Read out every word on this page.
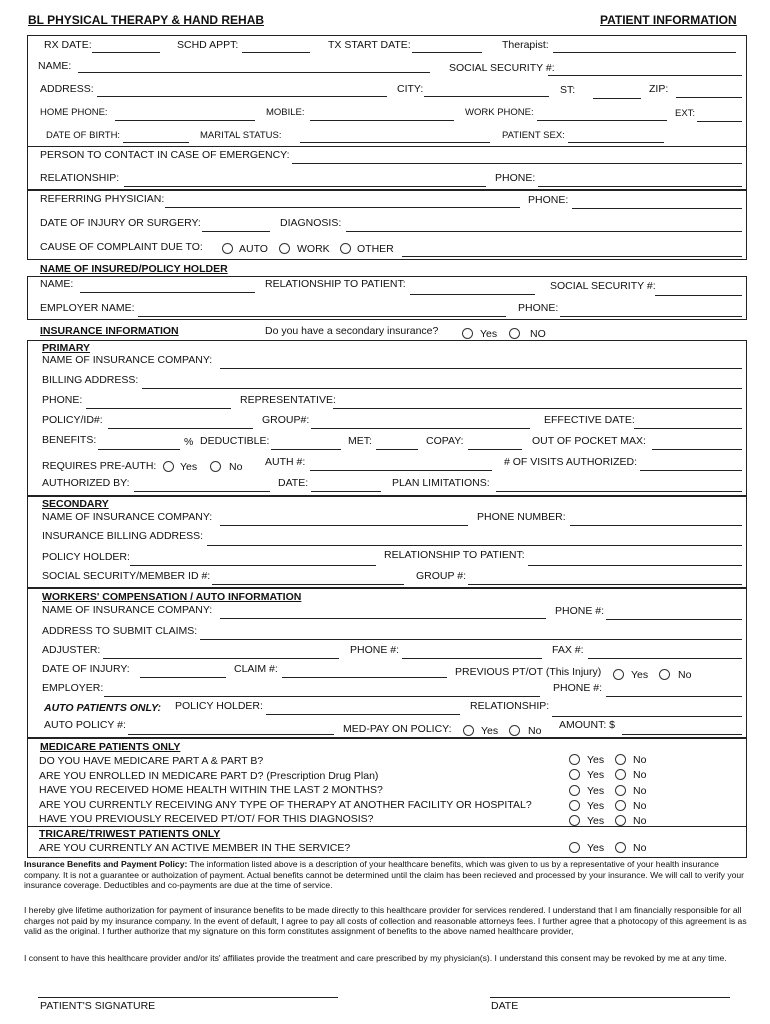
BL PHYSICAL THERAPY & HAND REHAB	PATIENT INFORMATION
RX DATE:	SCHD APPT:	TX START DATE:	Therapist:
NAME:	SOCIAL SECURITY #:
ADDRESS:	CITY:	ST:	ZIP:
HOME PHONE:	MOBILE:	WORK PHONE:	EXT:
DATE OF BIRTH:	MARITAL STATUS:	PATIENT SEX:
PERSON TO CONTACT IN CASE OF EMERGENCY:
RELATIONSHIP:	PHONE:
REFERRING PHYSICIAN:	PHONE:
DATE OF INJURY OR SURGERY:	DIAGNOSIS:
CAUSE OF COMPLAINT DUE TO:	AUTO	WORK	OTHER
NAME OF INSURED/POLICY HOLDER
NAME:	RELATIONSHIP TO PATIENT:	SOCIAL SECURITY #:
EMPLOYER NAME:	PHONE:
INSURANCE INFORMATION	Do you have a secondary insurance?	Yes	NO
PRIMARY
NAME OF INSURANCE COMPANY:
BILLING ADDRESS:
PHONE:	REPRESENTATIVE:
POLICY/ID#:	GROUP#:	EFFECTIVE DATE:
BENEFITS:	% DEDUCTIBLE:	MET:	COPAY:	OUT OF POCKET MAX:
REQUIRES PRE-AUTH: Yes	No AUTH #:	# OF VISITS AUTHORIZED:
AUTHORIZED BY:	DATE:	PLAN LIMITATIONS:
SECONDARY
NAME OF INSURANCE COMPANY:	PHONE NUMBER:
INSURANCE BILLING ADDRESS:
POLICY HOLDER:	RELATIONSHIP TO PATIENT:
SOCIAL SECURITY/MEMBER ID #:	GROUP #:
WORKERS' COMPENSATION / AUTO INFORMATION
NAME OF INSURANCE COMPANY:	PHONE #:
ADDRESS TO SUBMIT CLAIMS:
ADJUSTER:	PHONE #:	FAX #:
DATE OF INJURY:	CLAIM #:	PREVIOUS PT/OT (This Injury)	Yes	No
EMPLOYER:	PHONE #:
AUTO PATIENTS ONLY: POLICY HOLDER:	RELATIONSHIP:
AUTO POLICY #:	MED-PAY ON POLICY:	Yes	No AMOUNT: $
MEDICARE PATIENTS ONLY
DO YOU HAVE MEDICARE PART A & PART B?	Yes	No
ARE YOU ENROLLED IN MEDICARE PART D? (Prescription Drug Plan)	Yes	No
HAVE YOU RECEIVED HOME HEALTH WITHIN THE LAST 2 MONTHS?	Yes	No
ARE YOU CURRENTLY RECEIVING ANY TYPE OF THERAPY AT ANOTHER FACILITY OR HOSPITAL?	Yes	No
HAVE YOU PREVIOUSLY RECEIVED PT/OT/ FOR THIS DIAGNOSIS?	Yes	No
TRICARE/TRIWEST PATIENTS ONLY
ARE YOU CURRENTLY AN ACTIVE MEMBER IN THE SERVICE?	Yes	No
Insurance Benefits and Payment Policy: The information listed above is a description of your healthcare benefits, which was given to us by a representative of your health insurance company. It is not a guarantee or authoization of payment. Actual benefits cannot be determined until the claim has been recieved and processed by your insurance. We will call to verify your insurance coverage. Deductibles and co-payments are due at the time of service.
I hereby give lifetime authorization for payment of insurance benefits to be made directly to this healthcare provider for services rendered. I understand that I am financially responsible for all charges not paid by my insurance company. In the event of default, I agree to pay all costs of collection and reasonable attorneys fees. I further agree that a photocopy of this agreement is as valid as the original. I further authorize that my signature on this form constitutes assignment of benefits to the above named healthcare provider,
I consent to have this healthcare provider and/or its' affiliates provide the treatment and care prescribed by my physician(s). I understand this consent may be revoked by me at any time.
PATIENT'S SIGNATURE	DATE
